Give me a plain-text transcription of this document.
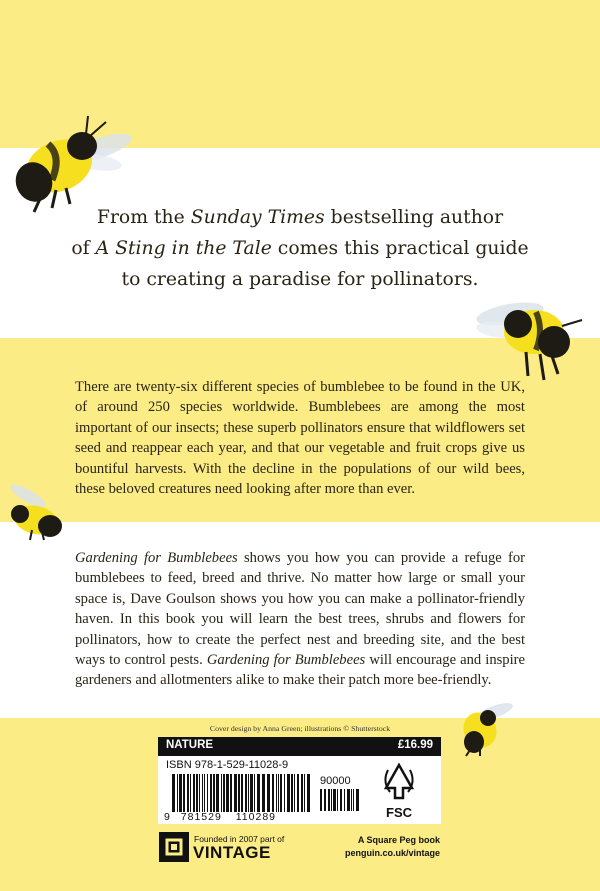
From the Sunday Times bestselling author
of A Sting in the Tale comes this practical guide
to creating a paradise for pollinators.
There are twenty-six different species of bumblebee to be found in the UK, of around 250 species worldwide. Bumblebees are among the most important of our insects; these superb pollinators ensure that wildflowers set seed and reappear each year, and that our vegetable and fruit crops give us bountiful harvests. With the decline in the populations of our wild bees, these beloved creatures need looking after more than ever.
Gardening for Bumblebees shows you how you can provide a refuge for bumblebees to feed, breed and thrive. No matter how large or small your space is, Dave Goulson shows you how you can make a pollinator-friendly haven. In this book you will learn the best trees, shrubs and flowers for pollinators, how to create the perfect nest and breeding site, and the best ways to control pests. Gardening for Bumblebees will encourage and inspire gardeners and allotmenters alike to make their patch more bee-friendly.
Cover design by Anna Green; illustrations © Shutterstock
NATURE	£16.99
ISBN 978-1-529-11028-9
90000
9 781529 110289	FSC
Founded in 2007 part of
VINTAGE
A Square Peg book
penguin.co.uk/vintage
